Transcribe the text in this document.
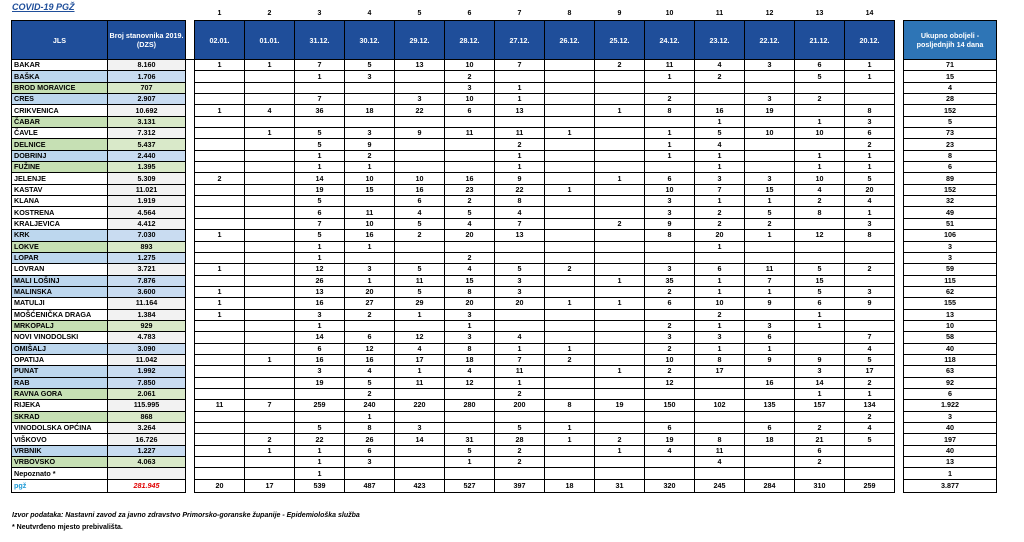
COVID-19 PGŽ
			1	2	3	4	5	6	7	8	9	10	11	12	13	14		
JLS	Broj stanovnika 2019. (DZS)		02.01.	01.01.	31.12.	30.12.	29.12.	28.12.	27.12.	26.12.	25.12.	24.12.	23.12.	22.12.	21.12.	20.12.		Ukupno oboljeli - posljednjih 14 dana
BAKAR	8.160		1	1	7	5	13	10	7		2	11	4	3	6	1		71
BAŠKA	1.706				1	3		2				1	2		5	1		15
BROD MORAVICE	707							3	1									4
CRES	2.907				7		3	10	1			2		3	2			28
CRIKVENICA	10.692		1	4	36	18	22	6	13		1	8	16	19		8		152
ČABAR	3.131												1		1	3		5
ČAVLE	7.312			1	5	3	9	11	11	1		1	5	10	10	6		73
DELNICE	5.437				5	9			2			1	4			2		23
DOBRINJ	2.440				1	2			1			1	1		1	1		8
FUŽINE	1.395				1	1			1				1		1	1		6
JELENJE	5.309		2		14	10	10	16	9		1	6	3	3	10	5		89
KASTAV	11.021				19	15	16	23	22	1		10	7	15	4	20		152
KLANA	1.919				5		6	2	8			3	1	1	2	4		32
KOSTRENA	4.564				6	11	4	5	4			3	2	5	8	1		49
KRALJEVICA	4.412				7	10	5	4	7		2	9	2	2		3		51
KRK	7.030		1		5	16	2	20	13			8	20	1	12	8		106
LOKVE	893				1	1							1					3
LOPAR	1.275				1			2										3
LOVRAN	3.721		1		12	3	5	4	5	2		3	6	11	5	2		59
MALI LOŠINJ	7.876				26	1	11	15	3		1	35	1	7	15			115
MALINSKA	3.600		1		13	20	5	8	3			2	1	1	5	3		62
MATULJI	11.164		1		16	27	29	20	20	1	1	6	10	9	6	9		155
MOŠĆENIČKA DRAGA	1.384		1		3	2	1	3					2		1			13
MRKOPALJ	929				1			1				2	1	3	1			10
NOVI VINODOLSKI	4.783				14	6	12	3	4			3	3	6		7		58
OMIŠALJ	3.090				6	12	4	8	1	1		2	1	1		4		40
OPATIJA	11.042			1	16	16	17	18	7	2		10	8	9	9	5		118
PUNAT	1.992				3	4	1	4	11		1	2	17		3	17		63
RAB	7.850				19	5	11	12	1			12		16	14	2		92
RAVNA GORA	2.061					2			2						1	1		6
RIJEKA	115.995		11	7	259	240	220	280	200	8	19	150	102	135	157	134		1.922
SKRAD	868					1										2		3
VINODOLSKA OPĆINA	3.264				5	8	3		5	1		6		6	2	4		40
VIŠKOVO	16.726			2	22	26	14	31	28	1	2	19	8	18	21	5		197
VRBNIK	1.227			1	1	6		5	2		1	4	11		6			40
VRBOVSKO	4.063				1	3		1	2				4		2			13
Nepoznato *					1													1
pgž	281.945		20	17	539	487	423	527	397	18	31	320	245	284	310	259		3.877
Izvor podataka: Nastavni zavod za javno zdravstvo Primorsko-goranske županije - Epidemiološka služba
* Neutvrđeno mjesto prebivališta.
